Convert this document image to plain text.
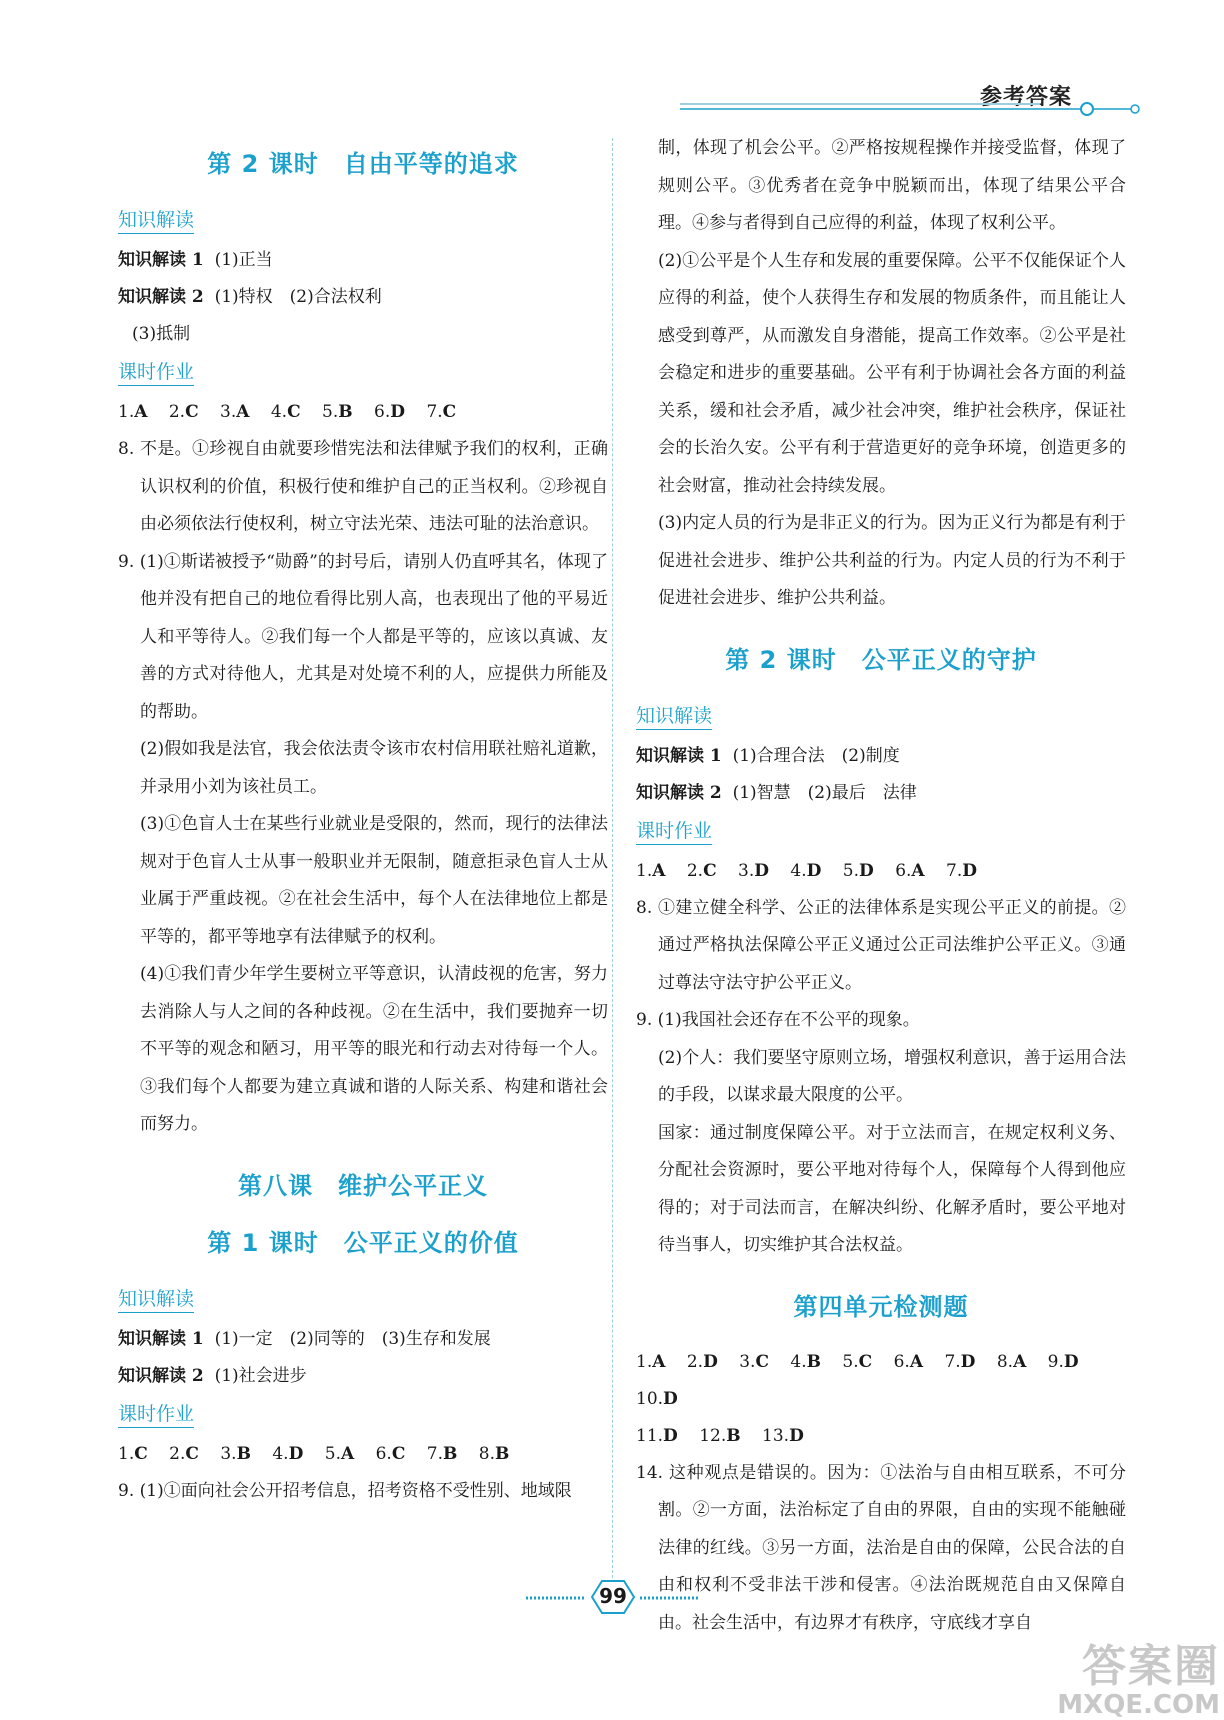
参考答案
第 2 课时　自由平等的追求
知识解读

知识解读 1 (1)正当

知识解读 2 (1)特权　(2)合法权利

(3)抵制

课时作业

1.A 2.C 3.A 4.C 5.B 6.D 7.C

8. 不是。①珍视自由就要珍惜宪法和法律赋予我们的权利，正确认识权利的价值，积极行使和维护自己的正当权利。②珍视自由必须依法行使权利，树立守法光荣、违法可耻的法治意识。

9. (1)①斯诺被授予“勋爵”的封号后，请别人仍直呼其名，体现了他并没有把自己的地位看得比别人高，也表现出了他的平易近人和平等待人。②我们每一个人都是平等的，应该以真诚、友善的方式对待他人，尤其是对处境不利的人，应提供力所能及的帮助。

(2)假如我是法官，我会依法责令该市农村信用联社赔礼道歉，并录用小刘为该社员工。

(3)①色盲人士在某些行业就业是受限的，然而，现行的法律法规对于色盲人士从事一般职业并无限制，随意拒录色盲人士从业属于严重歧视。②在社会生活中，每个人在法律地位上都是平等的，都平等地享有法律赋予的权利。

(4)①我们青少年学生要树立平等意识，认清歧视的危害，努力去消除人与人之间的各种歧视。②在生活中，我们要抛弃一切不平等的观念和陋习，用平等的眼光和行动去对待每一个人。③我们每个人都要为建立真诚和谐的人际关系、构建和谐社会而努力。

第八课　维护公平正义
第 1 课时　公平正义的价值
知识解读

知识解读 1 (1)一定　(2)同等的　(3)生存和发展

知识解读 2 (1)社会进步

课时作业

1.C 2.C 3.B 4.D 5.A 6.C 7.B 8.B

9. (1)①面向社会公开招考信息，招考资格不受性别、地域限

制，体现了机会公平。②严格按规程操作并接受监督，体现了规则公平。③优秀者在竞争中脱颖而出，体现了结果公平合理。④参与者得到自己应得的利益，体现了权利公平。

(2)①公平是个人生存和发展的重要保障。公平不仅能保证个人应得的利益，使个人获得生存和发展的物质条件，而且能让人感受到尊严，从而激发自身潜能，提高工作效率。②公平是社会稳定和进步的重要基础。公平有利于协调社会各方面的利益关系，缓和社会矛盾，减少社会冲突，维护社会秩序，保证社会的长治久安。公平有利于营造更好的竞争环境，创造更多的社会财富，推动社会持续发展。

(3)内定人员的行为是非正义的行为。因为正义行为都是有利于促进社会进步、维护公共利益的行为。内定人员的行为不利于促进社会进步、维护公共利益。

第 2 课时　公平正义的守护
知识解读

知识解读 1 (1)合理合法　(2)制度

知识解读 2 (1)智慧　(2)最后　法律

课时作业

1.A 2.C 3.D 4.D 5.D 6.A 7.D

8. ①建立健全科学、公正的法律体系是实现公平正义的前提。②通过严格执法保障公平正义通过公正司法维护公平正义。③通过尊法守法守护公平正义。

9. (1)我国社会还存在不公平的现象。

(2)个人：我们要坚守原则立场，增强权利意识，善于运用合法的手段，以谋求最大限度的公平。

国家：通过制度保障公平。对于立法而言，在规定权利义务、分配社会资源时，要公平地对待每个人，保障每个人得到他应得的；对于司法而言，在解决纠纷、化解矛盾时，要公平地对待当事人，切实维护其合法权益。

第四单元检测题

1.A 2.D 3.C 4.B 5.C 6.A 7.D 8.A 9.D 10.D

11.D 12.B 13.D

14. 这种观点是错误的。因为：①法治与自由相互联系，不可分割。②一方面，法治标定了自由的界限，自由的实现不能触碰法律的红线。③另一方面，法治是自由的保障，公民合法的自由和权利不受非法干涉和侵害。④法治既规范自由又保障自由。社会生活中，有边界才有秩序，守底线才享自

99
答案圈
MXQE.COM
